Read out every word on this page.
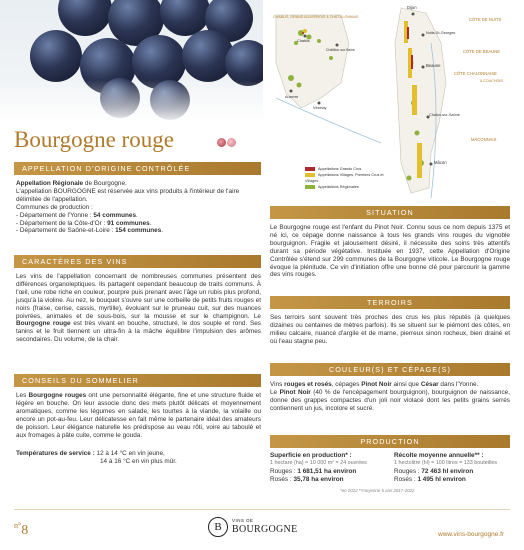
Bourgogne rouge
APPELLATION D'ORIGINE CONTRÔLÉE

Appellation Régionale de Bourgogne.

L'appellation BOURGOGNE est réservée aux vins produits à l'intérieur de l'aire délimitée de l'appellation.

Communes de production :

- Département de l'Yonne : 54 communes.

- Département de la Côte-d'Or : 91 communes.

- Département de Saône-et-Loire : 154 communes.

CARACTÈRES DES VINS

Les vins de l'appellation concernant de nombreuses communes présentent des différences organoleptiques. Ils partagent cependant beaucoup de traits communs. À l'œil, une robe riche en couleur, pourpre puis prenant avec l'âge un rubis plus profond, jusqu'à la violine. Au nez, le bouquet s'ouvre sur une corbeille de petits fruits rouges et noirs (fraise, cerise, cassis, myrtille), évoluant sur le pruneau cuit, sur des nuances poivrées, animales et de sous-bois, sur la mousse et sur le champignon. Le Bourgogne rouge est très vivant en bouche, structuré, le dos souple et rond. Ses tanins et le fruit tiennent un ultra-fin à la mâche équilibre l'impulsion des arômes secondaires. Du volume, de la chair.

CONSEILS DU SOMMELIER

Les Bourgogne rouges ont une personnalité élégante, fine et une structure fluide et légère en bouche. On leur associe donc des mets plutôt délicats et moyennement aromatiques, comme les légumes en salade, les tourtes à la viande, la volaille ou encore un pot-au-feu. Leur délicatesse en fait même le partenaire idéal des amateurs de poisson. Leur élégance naturelle les prédispose au veau rôti, voire au taboulé et aux fromages à pâte cuite, comme le gouda.

Températures de service : 12 à 14 °C en vin jeune,

14 à 16 °C en vin plus mûr.

CHABLIS, GRAND AUXERROIS & CHÂTILLONNAIS	CÔTE DE NUITS
CÔTE DE BEAUNE
CÔTE CHALONNAISE
& COUCHOIS
MÂCONNAIS
Dijon
Nuits-St-Georges
Beaune
Chalon-sur-Saône
Mâcon
Auxerre
Chablis
Châtillon-sur-Seine
Vézelay
Appellations Grands Crus
Appellations Villages, Premiers Crus et Villages
Appellations Régionales
SITUATION
Le Bourgogne rouge est l'enfant du Pinot Noir. Connu sous ce nom depuis 1375 et né ici, ce cépage donne naissance à tous les grands vins rouges du vignoble bourguignon. Fragile et jalousement désiré, il nécessite des soins très attentifs durant sa période végétative. Instituée en 1937, cette Appellation d'Origine Contrôlée s'étend sur 299 communes de la Bourgogne viticole. Le Bourgogne rouge évoque la plénitude. Ce vin d'initiation offre une bonne clé pour parcourir la gamme des vins rouges.
TERROIRS
Ses terroirs sont souvent très proches des crus les plus réputés (à quelques dizaines ou centaines de mètres parfois). Ils se situent sur le piémont des côtes, en milieu calcaire, nuancé d'argile et de marne, pierreux sinon rocheux, bien drainé et où l'eau stagne peu.
COULEUR(S) ET CÉPAGE(S)

Vins rouges et rosés, cépages Pinot Noir ainsi que César dans l'Yonne.

Le Pinot Noir (40 % de l'encépagement bourguignon), bourguignon de naissance, donne des grappes compactes d'un joli noir violacé dont les petits grains serrés contiennent un jus, incolore et sucré.

PRODUCTION

Superficie en production* :

1 hectare (ha) = 10 000 m² = 24 ouvrées

Rouges : 1 681,51 ha environ

Rosés : 35,78 ha environ

Récolte moyenne annuelle** :

1 hectolitre (hl) = 100 litres = 133 bouteilles

Rouges : 72 463 hl environ

Rosés : 1 495 hl environ

*en 2022 **moyenne 5 ans 2017-2022
$^{n^\circ}$8	B
VINS DE
BOURGOGNE	www.vins-bourgogne.fr
